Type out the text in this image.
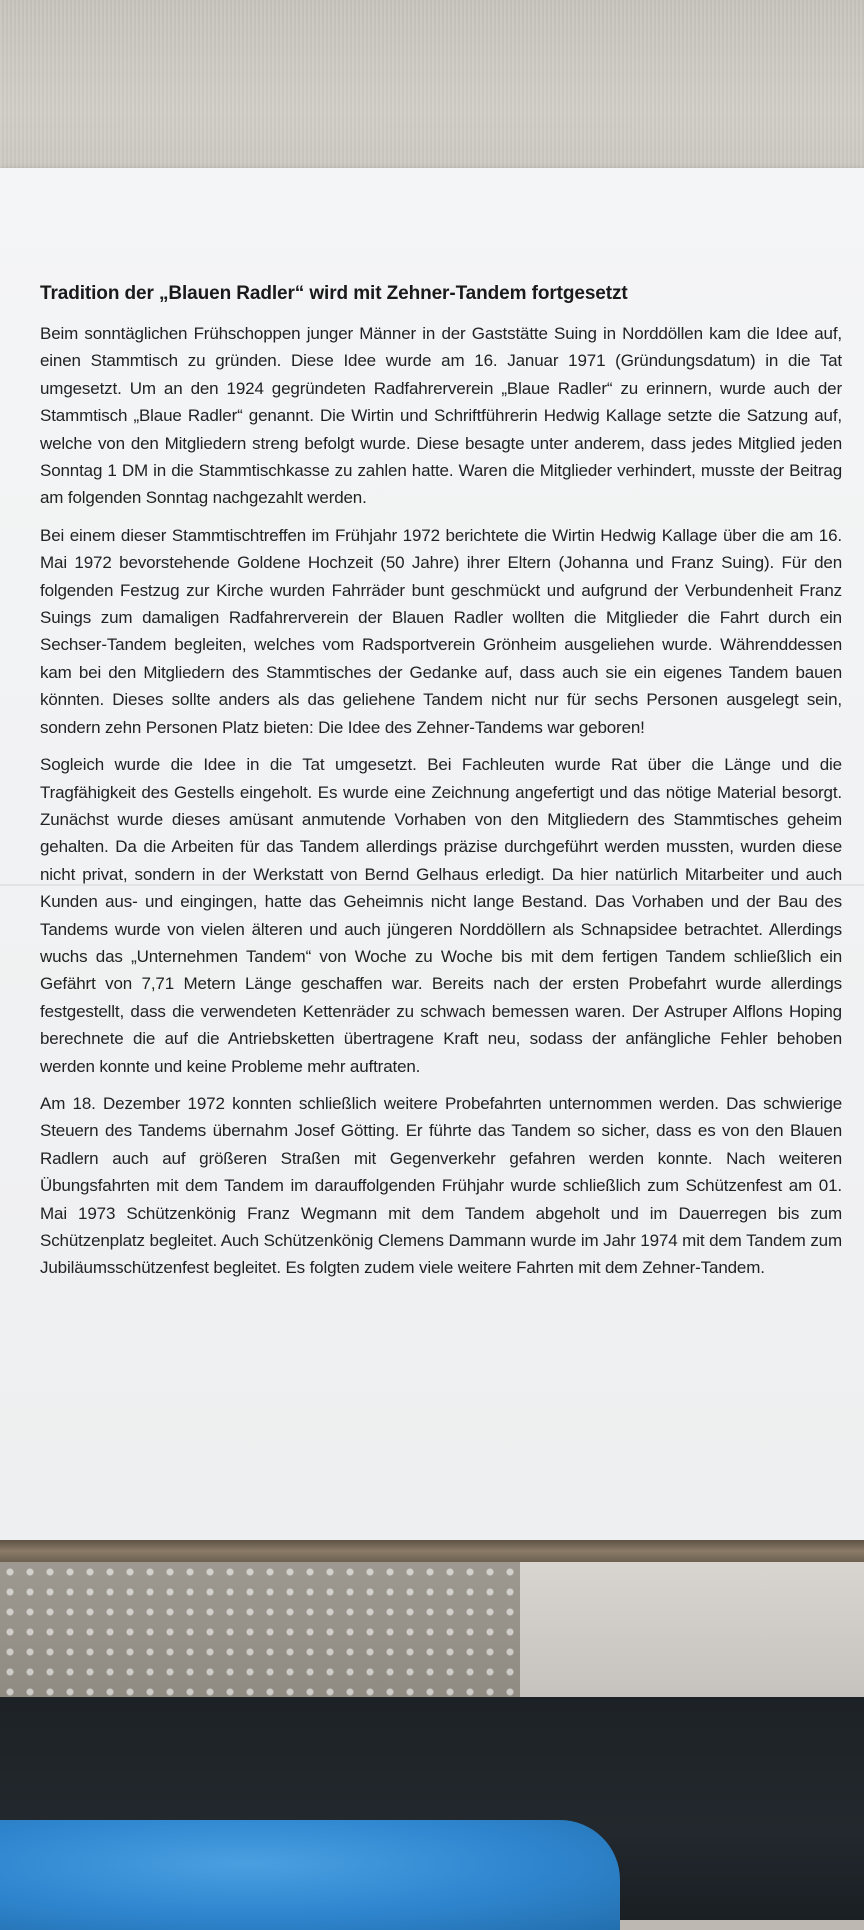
Tradition der „Blauen Radler“ wird mit Zehner-Tandem fortgesetzt

Beim sonntäglichen Frühschoppen junger Männer in der Gaststätte Suing in Norddöllen kam die Idee auf, einen Stammtisch zu gründen. Diese Idee wurde am 16. Januar 1971 (Gründungsdatum) in die Tat umgesetzt. Um an den 1924 gegründeten Radfahrerverein „Blaue Radler“ zu erinnern, wurde auch der Stammtisch „Blaue Radler“ genannt. Die Wirtin und Schriftführerin Hedwig Kallage setzte die Satzung auf, welche von den Mitgliedern streng befolgt wurde. Diese besagte unter anderem, dass jedes Mitglied jeden Sonntag 1 DM in die Stammtischkasse zu zahlen hatte. Waren die Mitglieder verhindert, musste der Beitrag am folgenden Sonntag nachgezahlt werden.

Bei einem dieser Stammtischtreffen im Frühjahr 1972 berichtete die Wirtin Hedwig Kallage über die am 16. Mai 1972 bevorstehende Goldene Hochzeit (50 Jahre) ihrer Eltern (Johanna und Franz Suing). Für den folgenden Festzug zur Kirche wurden Fahrräder bunt geschmückt und aufgrund der Verbundenheit Franz Suings zum damaligen Radfahrerverein der Blauen Radler wollten die Mitglieder die Fahrt durch ein Sechser-Tandem begleiten, welches vom Radsportverein Grönheim ausgeliehen wurde. Währenddessen kam bei den Mitgliedern des Stammtisches der Gedanke auf, dass auch sie ein eigenes Tandem bauen könnten. Dieses sollte anders als das geliehene Tandem nicht nur für sechs Personen ausgelegt sein, sondern zehn Personen Platz bieten: Die Idee des Zehner-Tandems war geboren!

Sogleich wurde die Idee in die Tat umgesetzt. Bei Fachleuten wurde Rat über die Länge und die Tragfähigkeit des Gestells eingeholt. Es wurde eine Zeichnung angefertigt und das nötige Material besorgt. Zunächst wurde dieses amüsant anmutende Vorhaben von den Mitgliedern des Stammtisches geheim gehalten. Da die Arbeiten für das Tandem allerdings präzise durchgeführt werden mussten, wurden diese nicht privat, sondern in der Werkstatt von Bernd Gelhaus erledigt. Da hier natürlich Mitarbeiter und auch Kunden aus- und eingingen, hatte das Geheimnis nicht lange Bestand. Das Vorhaben und der Bau des Tandems wurde von vielen älteren und auch jüngeren Norddöllern als Schnapsidee betrachtet. Allerdings wuchs das „Unternehmen Tandem“ von Woche zu Woche bis mit dem fertigen Tandem schließlich ein Gefährt von 7,71 Metern Länge geschaffen war. Bereits nach der ersten Probefahrt wurde allerdings festgestellt, dass die verwendeten Kettenräder zu schwach bemessen waren. Der Astruper Alflons Hoping berechnete die auf die Antriebsketten übertragene Kraft neu, sodass der anfängliche Fehler behoben werden konnte und keine Probleme mehr auftraten.

Am 18. Dezember 1972 konnten schließlich weitere Probefahrten unternommen werden. Das schwierige Steuern des Tandems übernahm Josef Götting. Er führte das Tandem so sicher, dass es von den Blauen Radlern auch auf größeren Straßen mit Gegenverkehr gefahren werden konnte. Nach weiteren Übungsfahrten mit dem Tandem im darauffolgenden Frühjahr wurde schließlich zum Schützenfest am 01. Mai 1973 Schützenkönig Franz Wegmann mit dem Tandem abgeholt und im Dauerregen bis zum Schützenplatz begleitet. Auch Schützenkönig Clemens Dammann wurde im Jahr 1974 mit dem Tandem zum Jubiläumsschützenfest begleitet. Es folgten zudem viele weitere Fahrten mit dem Zehner-Tandem.
